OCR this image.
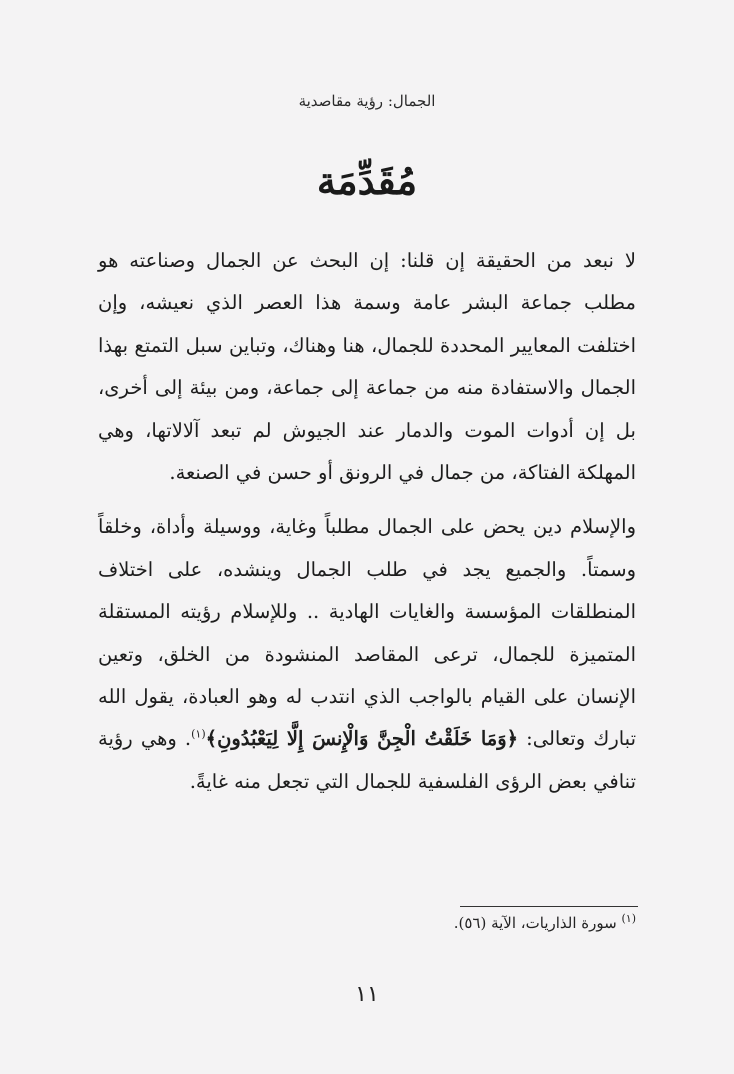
الجمال: رؤية مقاصدية
مُقَدِّمَة

لا نبعد من الحقيقة إن قلنا: إن البحث عن الجمال وصناعته هو مطلب جماعة البشر عامة وسمة هذا العصر الذي نعيشه، وإن اختلفت المعايير المحددة للجمال، هنا وهناك، وتباين سبل التمتع بهذا الجمال والاستفادة منه من جماعة إلى جماعة، ومن بيئة إلى أخرى، بل إن أدوات الموت والدمار عند الجيوش لم تبعد آلالاتها، وهي المهلكة الفتاكة، من جمال في الرونق أو حسن في الصنعة.

والإسلام دين يحض على الجمال مطلباً وغاية، ووسيلة وأداة، وخلقاً وسمتاً. والجميع يجد في طلب الجمال وينشده، على اختلاف المنطلقات المؤسسة والغايات الهادية .. وللإسلام رؤيته المستقلة المتميزة للجمال، ترعى المقاصد المنشودة من الخلق، وتعين الإنسان على القيام بالواجب الذي انتدب له وهو العبادة، يقول الله تبارك وتعالى: ﴿وَمَا خَلَقْتُ الْجِنَّ وَالْإِنسَ إِلَّا لِيَعْبُدُونِ﴾$^{(١)}$. وهي رؤية تنافي بعض الرؤى الفلسفية للجمال التي تجعل منه غايةً.

$^{(١)}$ سورة الذاريات، الآية (٥٦).
١١
